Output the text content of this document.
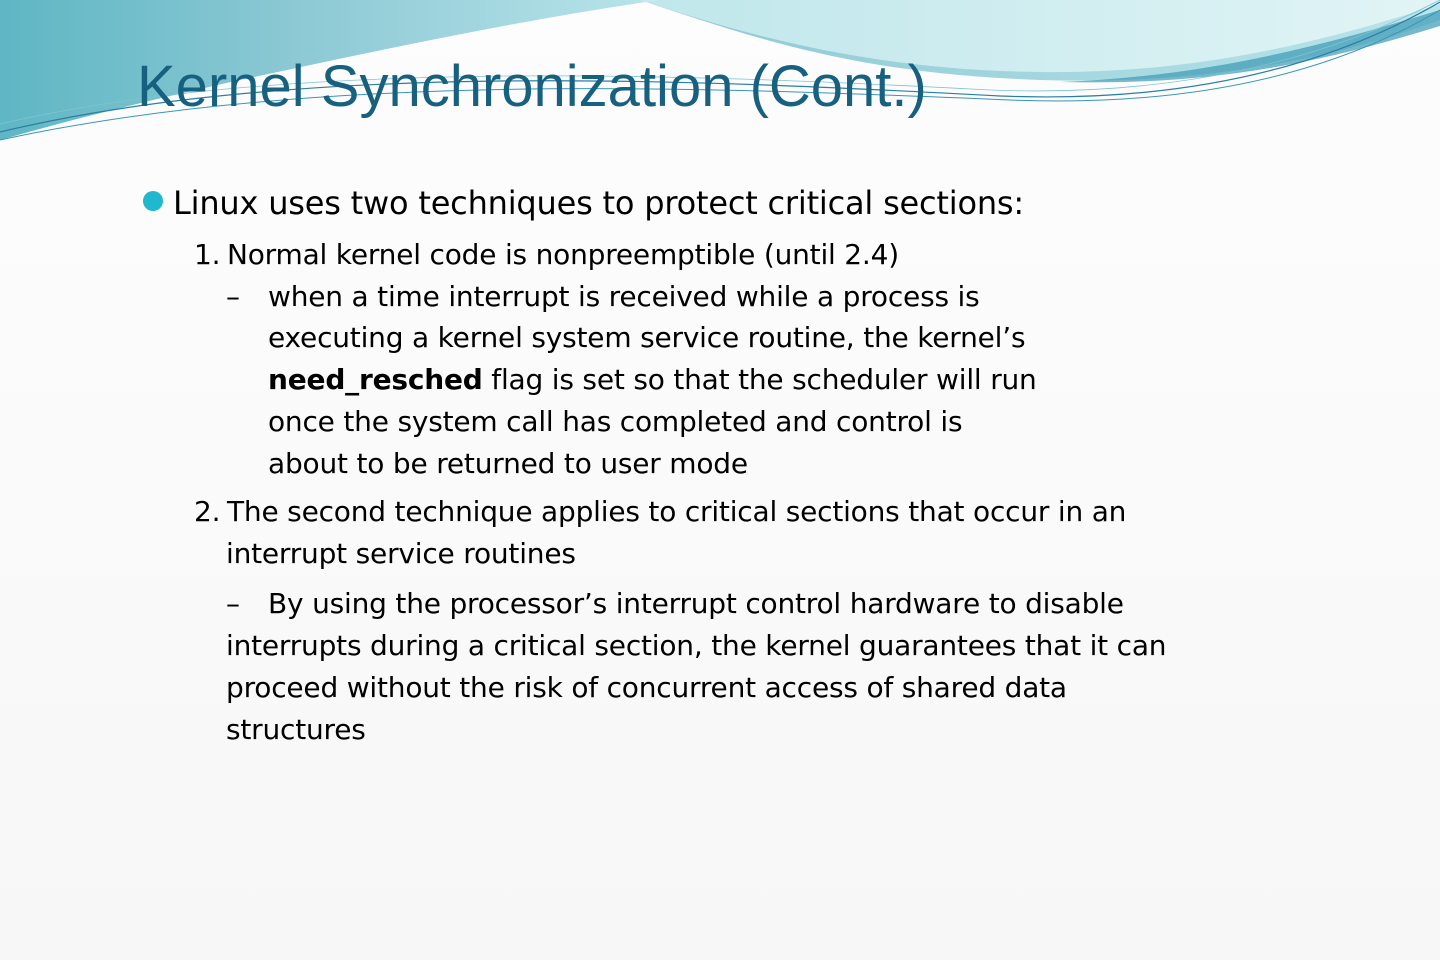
Kernel Synchronization (Cont.)
Linux uses two techniques to protect critical sections:
1. Normal kernel code is nonpreemptible (until 2.4)
– when a time interrupt is received while a process is
executing a kernel system service routine, the kernel’s
need_resched flag is set so that the scheduler will run
once the system call has completed and control is
about to be returned to user mode
2. The second technique applies to critical sections that occur in an
interrupt service routines
– By using the processor’s interrupt control hardware to disable
interrupts during a critical section, the kernel guarantees that it can
proceed without the risk of concurrent access of shared data
structures
